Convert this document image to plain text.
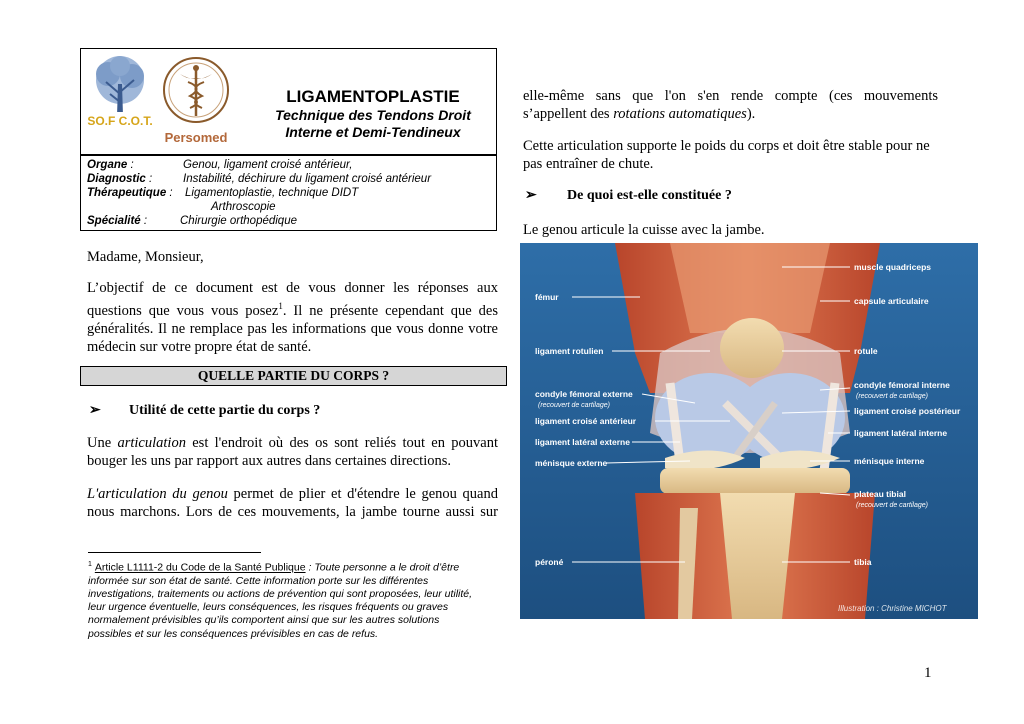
SO.F C.O.T.
Persomed
LIGAMENTOPLASTIE
Technique des Tendons Droit
Interne et Demi-Tendineux
Organe :	Genou, ligament croisé antérieur,
Diagnostic :	Instabilité, déchirure du ligament croisé antérieur
Thérapeutique : Ligamentoplastie, technique DIDT
Arthroscopie
Spécialité :	Chirurgie orthopédique
Madame, Monsieur,
L’objectif de ce document est de vous donner les réponses aux
questions que vous vous posez$^1$. Il ne présente cependant que des
généralités. Il ne remplace pas les informations que vous donne votre
médecin sur votre propre état de santé.
QUELLE PARTIE DU CORPS ?
➢ Utilité de cette partie du corps ?
Une articulation est l'endroit où des os sont reliés tout en pouvant
bouger les uns par rapport aux autres dans certaines directions.
L'articulation du genou permet de plier et d'étendre le genou quand
nous marchons. Lors de ces mouvements, la jambe tourne aussi sur
$^1$ Article L1111-2 du Code de la Santé Publique : Toute personne a le droit d’être
informée sur son état de santé. Cette information porte sur les différentes
investigations, traitements ou actions de prévention qui sont proposées, leur utilité,
leur urgence éventuelle, leurs conséquences, les risques fréquents ou graves
normalement prévisibles qu’ils comportent ainsi que sur les autres solutions
possibles et sur les conséquences prévisibles en cas de refus.
elle-même sans que l'on s'en rende compte (ces mouvements
s’appellent des rotations automatiques).
Cette articulation supporte le poids du corps et doit être stable pour ne
pas entraîner de chute.
➢ De quoi est-elle constituée ?
Le genou articule la cuisse avec la jambe.
muscle quadriceps
fémur	capsule articulaire
ligament rotulien	rotule
condyle fémoral externe
(recouvert de cartilage)
condyle fémoral interne
(recouvert de cartilage)
ligament croisé antérieur
ligament croisé postérieur
ligament latéral externe
ligament latéral interne
ménisque externe	ménisque interne
plateau tibial
(recouvert de cartilage)
péroné	tibia
Illustration : Christine MICHOT
1
